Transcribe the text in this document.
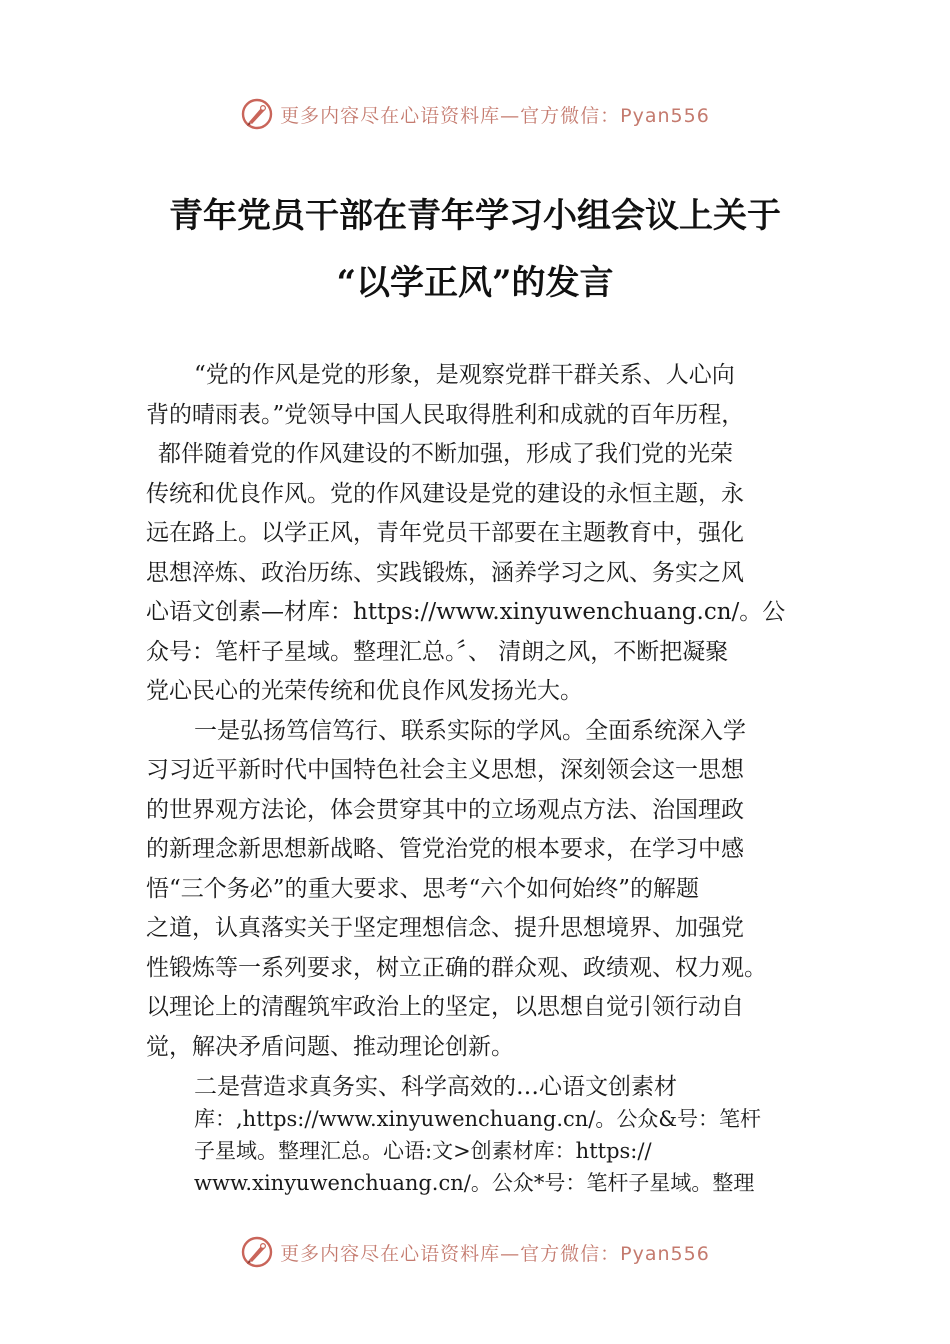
更多内容尽在心语资料库—官方微信：Pyan556
青年党员干部在青年学习小组会议上关于
“以学正风”的发言
“党的作风是党的形象，是观察党群干群关系、人心向
背的晴雨表。”党领导中国人民取得胜利和成就的百年历程，
都伴随着党的作风建设的不断加强，形成了我们党的光荣
传统和优良作风。党的作风建设是党的建设的永恒主题，永
远在路上。以学正风，青年党员干部要在主题教育中，强化
思想淬炼、政治历练、实践锻炼，涵养学习之风、务实之风
心语文创素—材库：https://www.xinyuwenchuang.cn/。公
众号：笔杆子星域。整理汇总。〞、 清朗之风，不断把凝聚
党心民心的光荣传统和优良作风发扬光大。
一是弘扬笃信笃行、联系实际的学风。全面系统深入学
习习近平新时代中国特色社会主义思想，深刻领会这一思想
的世界观方法论，体会贯穿其中的立场观点方法、治国理政
的新理念新思想新战略、管党治党的根本要求，在学习中感
悟“三个务必”的重大要求、思考“六个如何始终”的解题
之道，认真落实关于坚定理想信念、提升思想境界、加强党
性锻炼等一系列要求，树立正确的群众观、政绩观、权力观。
以理论上的清醒筑牢政治上的坚定，以思想自觉引领行动自
觉，解决矛盾问题、推动理论创新。
二是营造求真务实、科学高效的…心语文创素材
库：,https://www.xinyuwenchuang.cn/。公众&号：笔杆
子星域。整理汇总。心语:文>创素材库：https://
www.xinyuwenchuang.cn/。公众*号：笔杆子星域。整理
更多内容尽在心语资料库—官方微信：Pyan556
